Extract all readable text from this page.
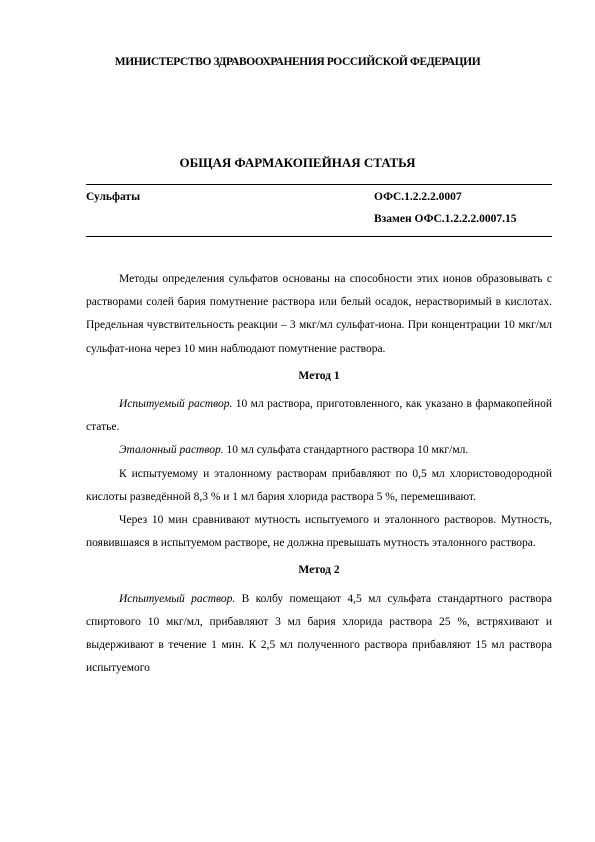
МИНИСТЕРСТВО ЗДРАВООХРАНЕНИЯ РОССИЙСКОЙ ФЕДЕРАЦИИ
ОБЩАЯ ФАРМАКОПЕЙНАЯ СТАТЬЯ
Сульфаты	ОФС.1.2.2.2.0007
Взамен ОФС.1.2.2.2.0007.15

Методы определения сульфатов основаны на способности этих ионов образовывать с растворами солей бария помутнение раствора или белый осадок, нерастворимый в кислотах. Предельная чувствительность реакции – 3 мкг/мл сульфат-иона. При концентрации 10 мкг/мл сульфат-иона через 10 мин наблюдают помутнение раствора.

Метод 1

Испытуемый раствор. 10 мл раствора, приготовленного, как указано в фармакопейной статье.

Эталонный раствор. 10 мл сульфата стандартного раствора 10 мкг/мл.

К испытуемому и эталонному растворам прибавляют по 0,5 мл хлористоводородной кислоты разведённой 8,3 % и 1 мл бария хлорида раствора 5 %, перемешивают.

Через 10 мин сравнивают мутность испытуемого и эталонного растворов. Мутность, появившаяся в испытуемом растворе, не должна превышать мутность эталонного раствора.

Метод 2

Испытуемый раствор. В колбу помещают 4,5 мл сульфата стандартного раствора спиртового 10 мкг/мл, прибавляют 3 мл бария хлорида раствора 25 %, встряхивают и выдерживают в течение 1 мин. К 2,5 мл полученного раствора прибавляют 15 мл раствора испытуемого
